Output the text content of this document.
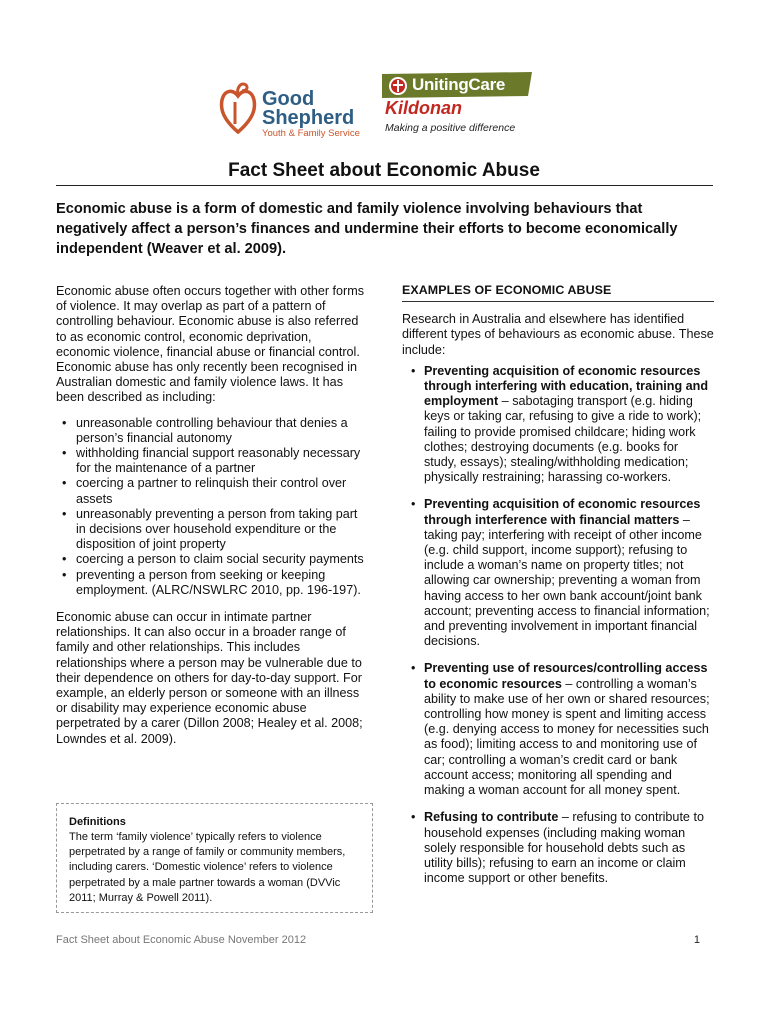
Good
Shepherd
Youth & Family Service
UnitingCare
Kildonan
Making a positive difference
Fact Sheet about Economic Abuse
Economic abuse is a form of domestic and family violence involving behaviours that negatively affect a person’s finances and undermine their efforts to become economically independent (Weaver et al. 2009).

Economic abuse often occurs together with other forms of violence. It may overlap as part of a pattern of controlling behaviour. Economic abuse is also referred to as economic control, economic deprivation, economic violence, financial abuse or financial control. Economic abuse has only recently been recognised in Australian domestic and family violence laws. It has been described as including:

• unreasonable controlling behaviour that denies a person’s financial autonomy
• withholding financial support reasonably necessary for the maintenance of a partner
• coercing a partner to relinquish their control over assets
• unreasonably preventing a person from taking part in decisions over household expenditure or the disposition of joint property
• coercing a person to claim social security payments
• preventing a person from seeking or keeping employment. (ALRC/NSWLRC 2010, pp. 196-197).

Economic abuse can occur in intimate partner relationships. It can also occur in a broader range of family and other relationships. This includes relationships where a person may be vulnerable due to their dependence on others for day-to-day support. For example, an elderly person or someone with an illness or disability may experience economic abuse perpetrated by a carer (Dillon 2008; Healey et al. 2008; Lowndes et al. 2009).

Definitions
The term ‘family violence’ typically refers to violence perpetrated by a range of family or community members, including carers. ‘Domestic violence’ refers to violence perpetrated by a male partner towards a woman (DVVic 2011; Murray & Powell 2011).
EXAMPLES OF ECONOMIC ABUSE

Research in Australia and elsewhere has identified different types of behaviours as economic abuse. These include:

• Preventing acquisition of economic resources through interfering with education, training and employment – sabotaging transport (e.g. hiding keys or taking car, refusing to give a ride to work); failing to provide promised childcare; hiding work clothes; destroying documents (e.g. books for study, essays); stealing/withholding medication; physically restraining; harassing co-workers.
• Preventing acquisition of economic resources through interference with financial matters – taking pay; interfering with receipt of other income (e.g. child support, income support); refusing to include a woman’s name on property titles; not allowing car ownership; preventing a woman from having access to her own bank account/joint bank account; preventing access to financial information; and preventing involvement in important financial decisions.
• Preventing use of resources/controlling access to economic resources – controlling a woman’s ability to make use of her own or shared resources; controlling how money is spent and limiting access (e.g. denying access to money for necessities such as food); limiting access to and monitoring use of car; controlling a woman’s credit card or bank account access; monitoring all spending and making a woman account for all money spent.
• Refusing to contribute – refusing to contribute to household expenses (including making woman solely responsible for household debts such as utility bills); refusing to earn an income or claim income support or other benefits.
Fact Sheet about Economic Abuse November 2012	1
